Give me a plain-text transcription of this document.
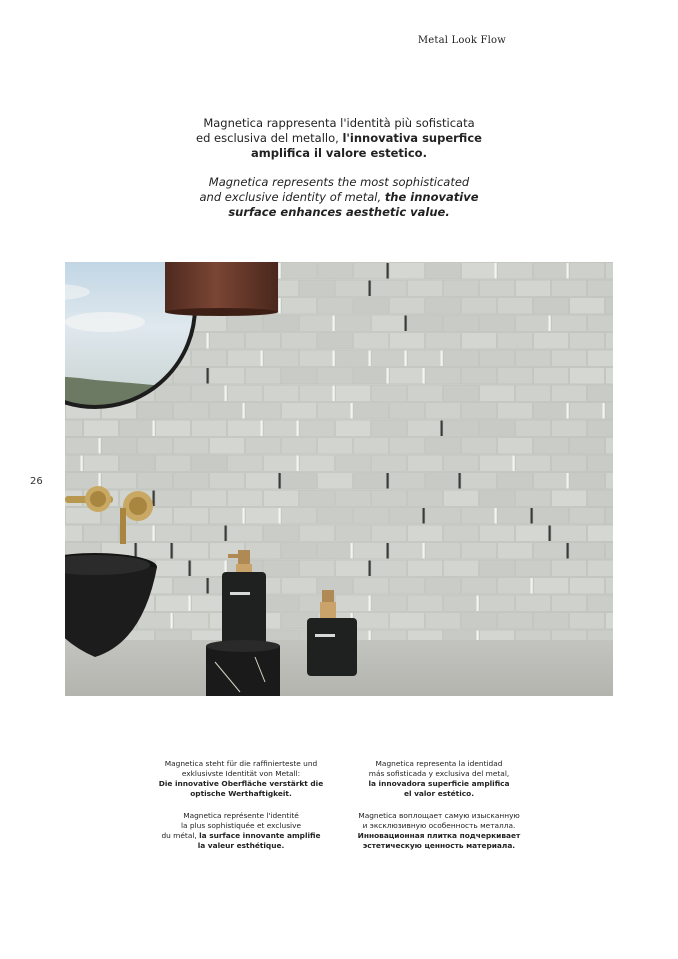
Metal Look Flow
26

Magnetica rappresenta l'identità più sofisticata
ed esclusiva del metallo, l'innovativa superfice
amplifica il valore estetico.

Magnetica represents the most sophisticated
and exclusive identity of metal, the innovative
surface enhances aesthetic value.

Magnetica steht für die raffinierteste und
exklusivste Identität von Metall:
Die innovative Oberfläche verstärkt die
optische Werthaftigkeit.

Magnetica représente l'identité
la plus sophistiquée et exclusive
du métal, la surface innovante amplifie
la valeur esthétique.

Magnetica representa la identidad
más sofisticada y exclusiva del metal,
la innovadora superficie amplifica
el valor estético.

Magnetica воплощает самую изысканную
и эксклюзивную особенность металла.
Инновационная плитка подчеркивает
эстетическую ценность материала.
